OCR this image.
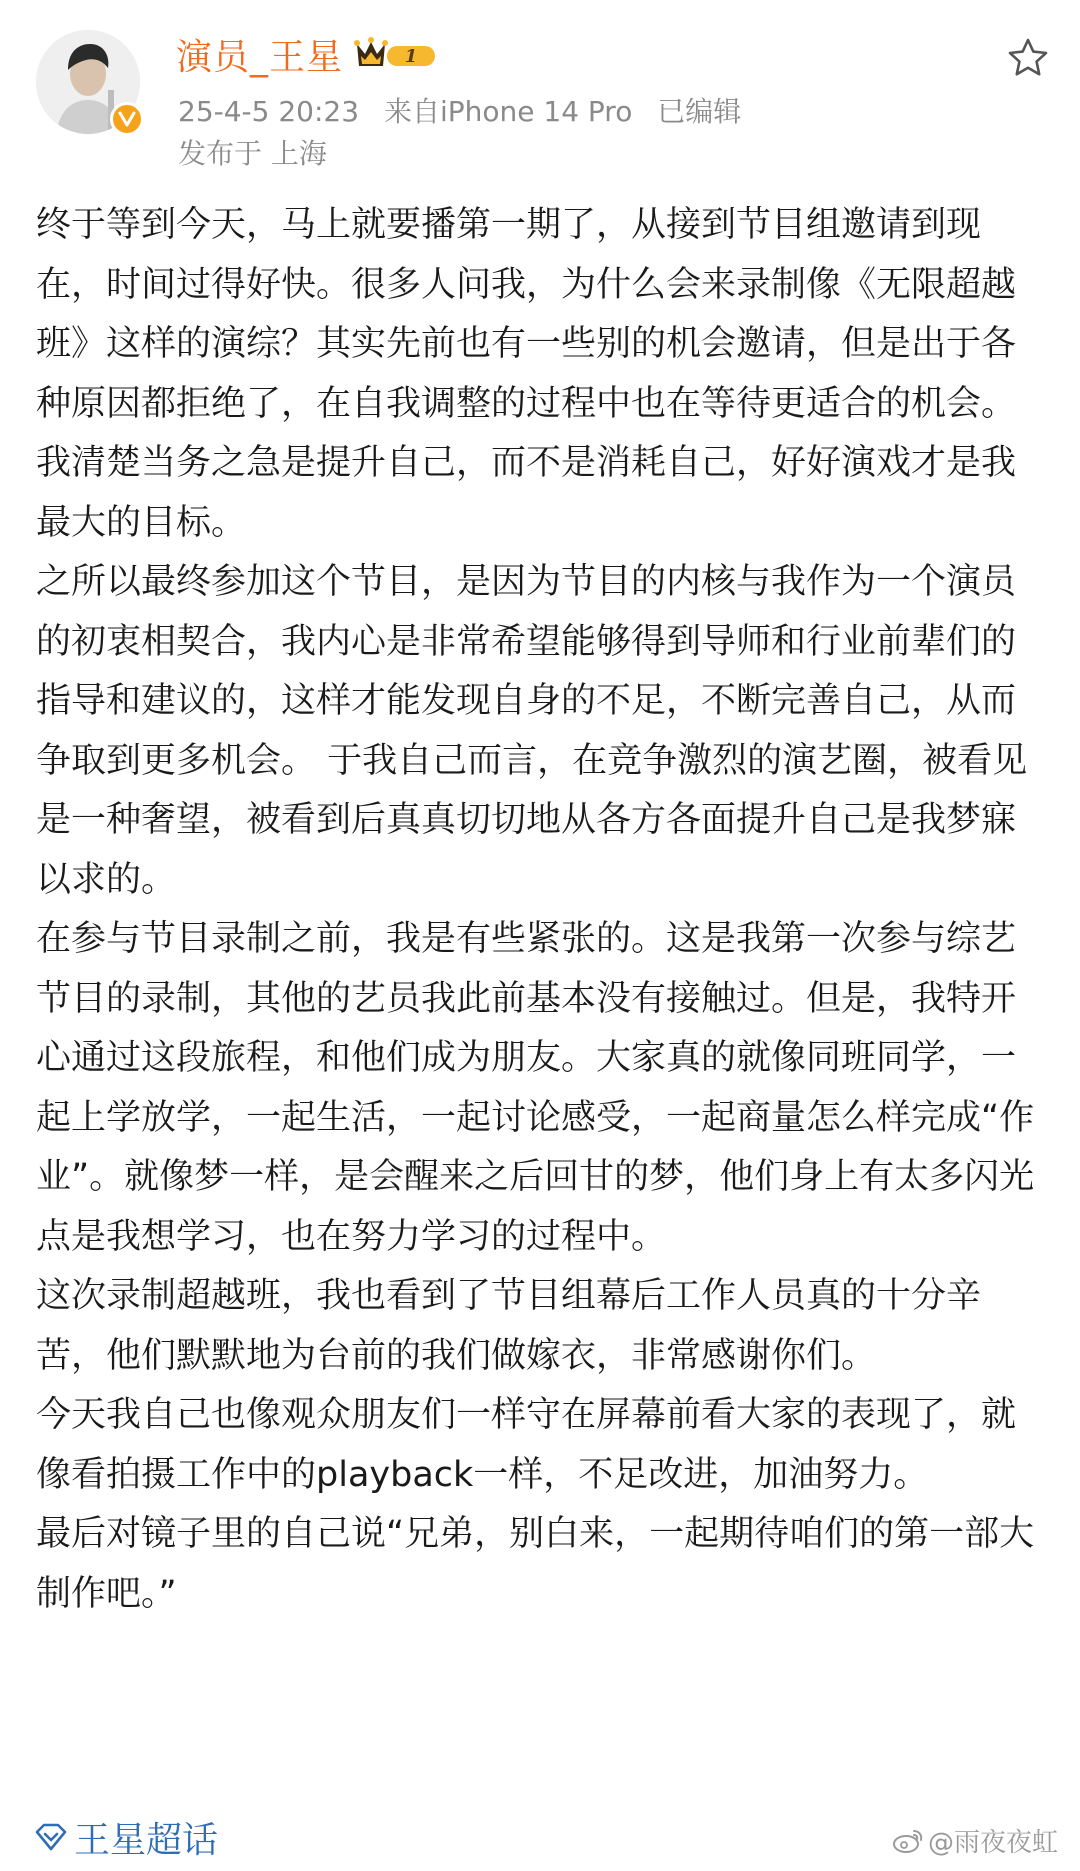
演员_王星	1
25-4-5 20:23 来自iPhone 14 Pro 已编辑
发布于 上海

终于等到今天，马上就要播第一期了，从接到节目组邀请到现在，时间过得好快。很多人问我，为什么会来录制像《无限超越班》这样的演综？其实先前也有一些别的机会邀请，但是出于各种原因都拒绝了，在自我调整的过程中也在等待更适合的机会。我清楚当务之急是提升自己，而不是消耗自己，好好演戏才是我最大的目标。

之所以最终参加这个节目，是因为节目的内核与我作为一个演员的初衷相契合，我内心是非常希望能够得到导师和行业前辈们的指导和建议的，这样才能发现自身的不足，不断完善自己，从而争取到更多机会。 于我自己而言，在竞争激烈的演艺圈，被看见是一种奢望，被看到后真真切切地从各方各面提升自己是我梦寐以求的。

在参与节目录制之前，我是有些紧张的。这是我第一次参与综艺节目的录制，其他的艺员我此前基本没有接触过。但是，我特开心通过这段旅程，和他们成为朋友。大家真的就像同班同学，一起上学放学，一起生活，一起讨论感受，一起商量怎么样完成“作业”。就像梦一样，是会醒来之后回甘的梦，他们身上有太多闪光点是我想学习，也在努力学习的过程中。

这次录制超越班，我也看到了节目组幕后工作人员真的十分辛苦，他们默默地为台前的我们做嫁衣，非常感谢你们。

今天我自己也像观众朋友们一样守在屏幕前看大家的表现了，就像看拍摄工作中的playback一样，不足改进，加油努力。

最后对镜子里的自己说“兄弟，别白来，一起期待咱们的第一部大制作吧。”

王星超话	@雨夜夜虹
